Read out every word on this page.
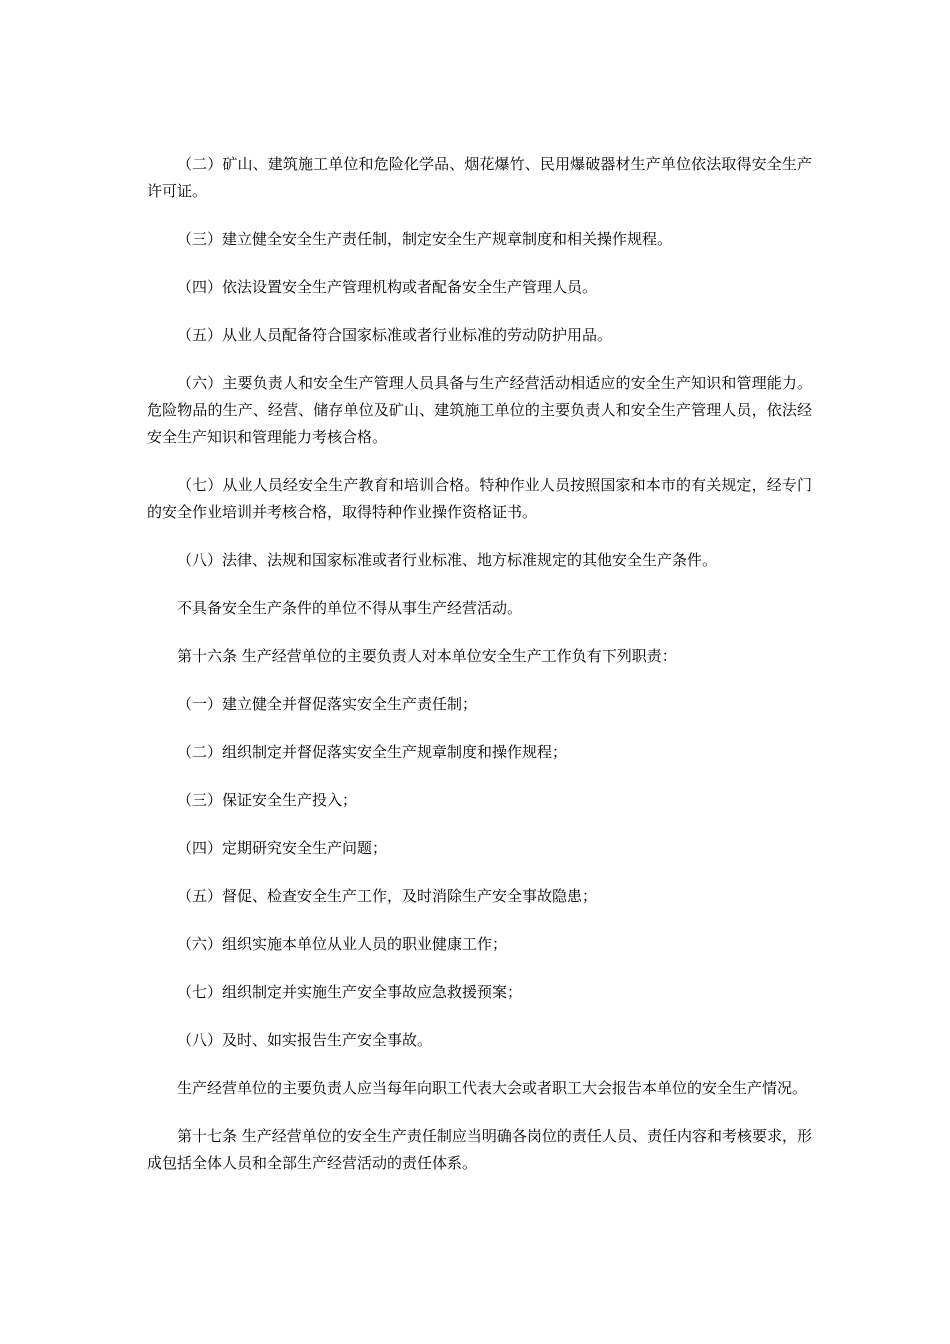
（二）矿山、建筑施工单位和危险化学品、烟花爆竹、民用爆破器材生产单位依法取得安全生产许可证。

（三）建立健全安全生产责任制，制定安全生产规章制度和相关操作规程。

（四）依法设置安全生产管理机构或者配备安全生产管理人员。

（五）从业人员配备符合国家标准或者行业标准的劳动防护用品。

（六）主要负责人和安全生产管理人员具备与生产经营活动相适应的安全生产知识和管理能力。危险物品的生产、经营、储存单位及矿山、建筑施工单位的主要负责人和安全生产管理人员，依法经安全生产知识和管理能力考核合格。

（七）从业人员经安全生产教育和培训合格。特种作业人员按照国家和本市的有关规定，经专门的安全作业培训并考核合格，取得特种作业操作资格证书。

（八）法律、法规和国家标准或者行业标准、地方标准规定的其他安全生产条件。

不具备安全生产条件的单位不得从事生产经营活动。

第十六条 生产经营单位的主要负责人对本单位安全生产工作负有下列职责：

（一）建立健全并督促落实安全生产责任制；

（二）组织制定并督促落实安全生产规章制度和操作规程；

（三）保证安全生产投入；

（四）定期研究安全生产问题；

（五）督促、检查安全生产工作，及时消除生产安全事故隐患；

（六）组织实施本单位从业人员的职业健康工作；

（七）组织制定并实施生产安全事故应急救援预案；

（八）及时、如实报告生产安全事故。

生产经营单位的主要负责人应当每年向职工代表大会或者职工大会报告本单位的安全生产情况。

第十七条 生产经营单位的安全生产责任制应当明确各岗位的责任人员、责任内容和考核要求，形成包括全体人员和全部生产经营活动的责任体系。
